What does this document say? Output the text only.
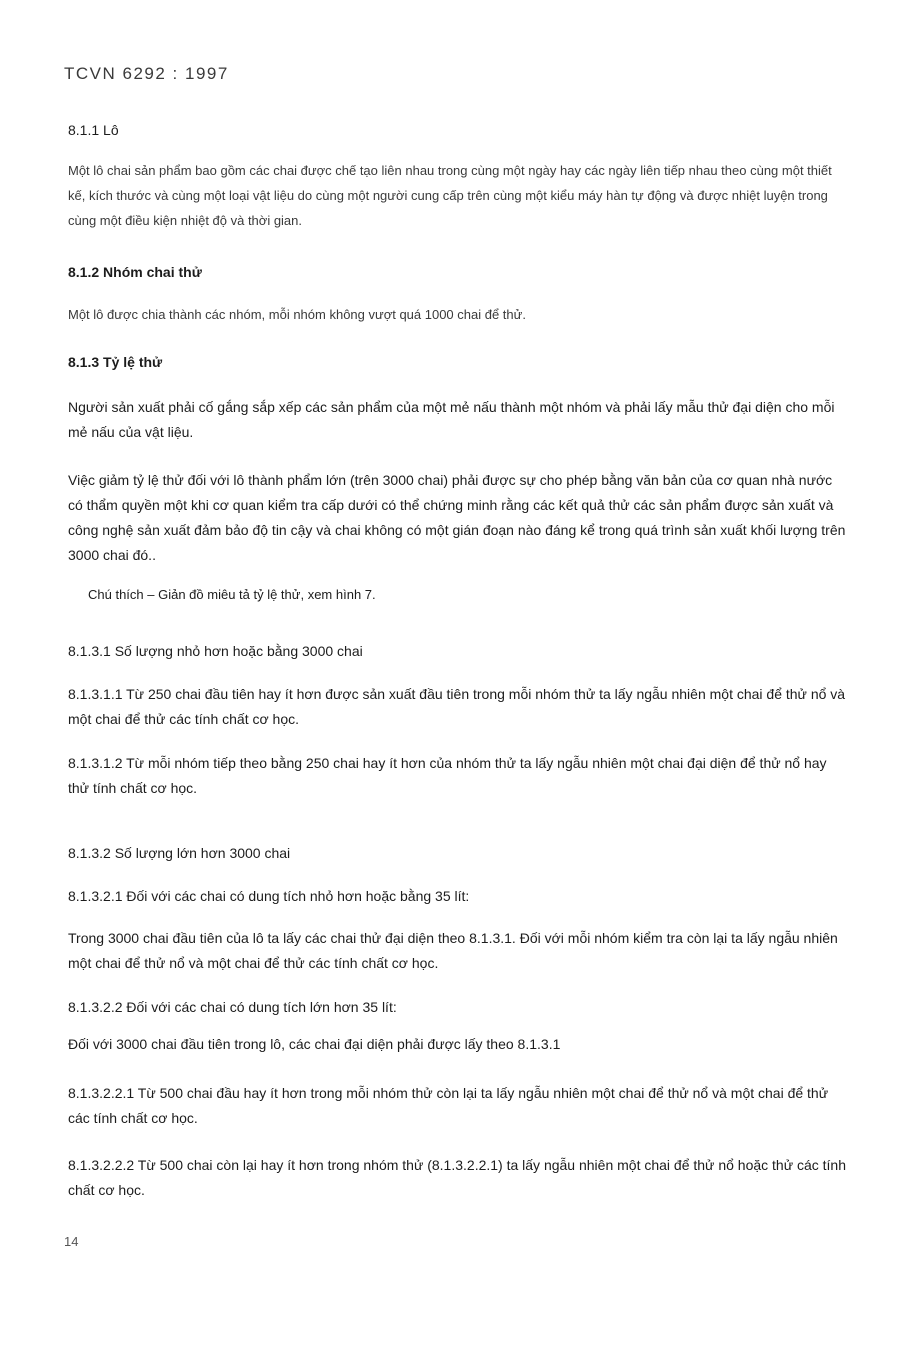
TCVN 6292 : 1997

8.1.1 Lô

Một lô chai sản phẩm bao gồm các chai được chế tạo liên nhau trong cùng một ngày hay các ngày liên tiếp nhau theo cùng một thiết kế, kích thước và cùng một loại vật liệu do cùng một người cung cấp trên cùng một kiểu máy hàn tự động và được nhiệt luyện trong cùng một điều kiện nhiệt độ và thời gian.

8.1.2 Nhóm chai thử

Một lô được chia thành các nhóm, mỗi nhóm không vượt quá 1000 chai để thử.

8.1.3 Tỷ lệ thử

Người sản xuất phải cố gắng sắp xếp các sản phẩm của một mẻ nấu thành một nhóm và phải lấy mẫu thử đại diện cho mỗi mẻ nấu của vật liệu.

Việc giảm tỷ lệ thử đối với lô thành phẩm lớn (trên 3000 chai) phải được sự cho phép bằng văn bản của cơ quan nhà nước có thẩm quyền một khi cơ quan kiểm tra cấp dưới có thể chứng minh rằng các kết quả thử các sản phẩm được sản xuất và công nghệ sản xuất đảm bảo độ tin cậy và chai không có một gián đoạn nào đáng kể trong quá trình sản xuất khối lượng trên 3000 chai đó..

Chú thích – Giản đồ miêu tả tỷ lệ thử, xem hình 7.

8.1.3.1 Số lượng nhỏ hơn hoặc bằng 3000 chai

8.1.3.1.1 Từ 250 chai đầu tiên hay ít hơn được sản xuất đầu tiên trong mỗi nhóm thử ta lấy ngẫu nhiên một chai để thử nổ và một chai để thử các tính chất cơ học.

8.1.3.1.2 Từ mỗi nhóm tiếp theo bằng 250 chai hay ít hơn của nhóm thử ta lấy ngẫu nhiên một chai đại diện để thử nổ hay thử tính chất cơ học.

8.1.3.2 Số lượng lớn hơn 3000 chai

8.1.3.2.1 Đối với các chai có dung tích nhỏ hơn hoặc bằng 35 lít:

Trong 3000 chai đầu tiên của lô ta lấy các chai thử đại diện theo 8.1.3.1. Đối với mỗi nhóm kiểm tra còn lại ta lấy ngẫu nhiên một chai để thử nổ và một chai để thử các tính chất cơ học.

8.1.3.2.2 Đối với các chai có dung tích lớn hơn 35 lít:

Đối với 3000 chai đầu tiên trong lô, các chai đại diện phải được lấy theo 8.1.3.1

8.1.3.2.2.1 Từ 500 chai đầu hay ít hơn trong mỗi nhóm thử còn lại ta lấy ngẫu nhiên một chai để thử nổ và một chai để thử các tính chất cơ học.

8.1.3.2.2.2 Từ 500 chai còn lại hay ít hơn trong nhóm thử (8.1.3.2.2.1) ta lấy ngẫu nhiên một chai để thử nổ hoặc thử các tính chất cơ học.

14
